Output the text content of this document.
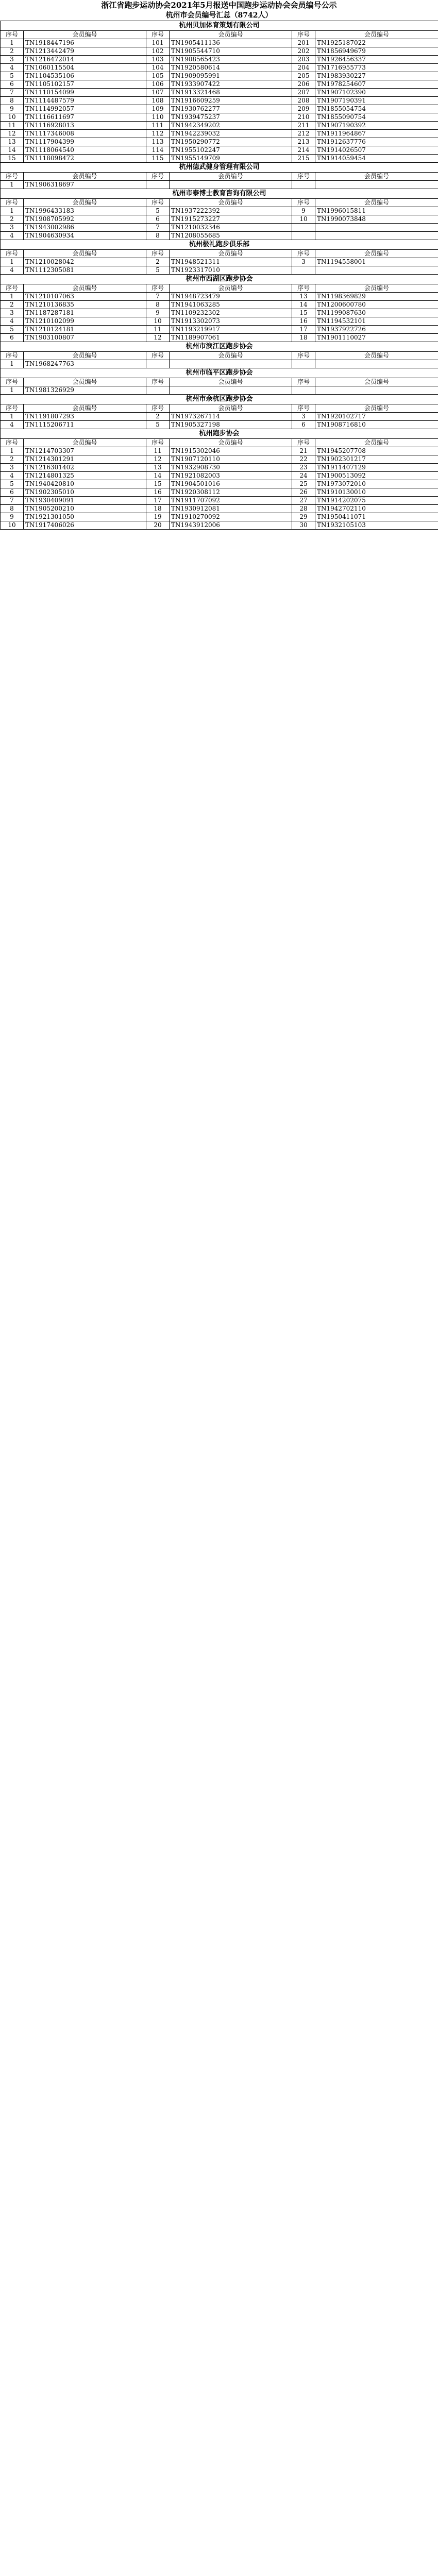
浙江省跑步运动协会2021年5月报送中国跑步运动协会会员编号公示
杭州市会员编号汇总（8742人）
杭州贝加体育策划有限公司					
序号	会员编号	序号	会员编号	序号	会员编号
1	TN1918447196	101	TN1905411136	201	TN1925187022
2	TN1213442479	102	TN1905544710	202	TN1856949679
3	TN1216472014	103	TN1908565423	203	TN1926456337
4	TN1060115504	104	TN1920580614	204	TN1716955773
5	TN1104535106	105	TN1909095991	205	TN1983930227
6	TN1105102157	106	TN1933907422	206	TN1978254607
7	TN1110154099	107	TN1913321468	207	TN1907102390
8	TN1114487579	108	TN1916609259	208	TN1907190391
9	TN1114992057	109	TN1930762277	209	TN1855054754
10	TN1116611697	110	TN1939475237	210	TN1855090754
11	TN1116928013	111	TN1942349202	211	TN1907190392
12	TN1117346008	112	TN1942239032	212	TN1911964867
13	TN1117904399	113	TN1950290772	213	TN1912637776
14	TN1118064540	114	TN1955102247	214	TN1914026507
15	TN1118098472	115	TN1955149709	215	TN1914059454
杭州德武健身管理有限公司					
序号	会员编号	序号	会员编号	序号	会员编号
1	TN1906318697				
杭州市泰博士教育咨询有限公司					
序号	会员编号	序号	会员编号	序号	会员编号
1	TN1996433183	5	TN1937222392	9	TN1996015811
2	TN1908705992	6	TN1915273227	10	TN1990073848
3	TN1943002986	7	TN1210032346		
4	TN1904630934	8	TN1208055685		
杭州极礼跑步俱乐部					
序号	会员编号	序号	会员编号	序号	会员编号
1	TN1210028042	2	TN1948521311	3	TN1194558001
4	TN1112305081	5	TN1923317010		
杭州市西湖区跑步协会					
序号	会员编号	序号	会员编号	序号	会员编号
1	TN1210107063	7	TN1948723479	13	TN1198369829
2	TN1210136835	8	TN1941063285	14	TN1200600780
3	TN1187287181	9	TN1109232302	15	TN1199087630
4	TN1210102099	10	TN1913302073	16	TN1194532101
5	TN1210124181	11	TN1193219917	17	TN1937922726
6	TN1903100807	12	TN1189907061	18	TN1901110027
杭州市滨江区跑步协会					
序号	会员编号	序号	会员编号	序号	会员编号
1	TN1968247763				
杭州市临平区跑步协会					
序号	会员编号	序号	会员编号	序号	会员编号
1	TN1981326929				
杭州市余杭区跑步协会					
序号	会员编号	序号	会员编号	序号	会员编号
1	TN1191807293	2	TN1973267114	3	TN1920102717
4	TN1115206711	5	TN1905327198	6	TN1908716810
杭州跑步协会					
序号	会员编号	序号	会员编号	序号	会员编号
1	TN1214703307	11	TN1915302046	21	TN1945207708
2	TN1214301291	12	TN1907120110	22	TN1902301217
3	TN1216301402	13	TN1932908730	23	TN1911407129
4	TN1214801325	14	TN1921082003	24	TN1900513092
5	TN1940420810	15	TN1904501016	25	TN1973072010
6	TN1902305010	16	TN1920308112	26	TN1910130010
7	TN1930409091	17	TN1911707092	27	TN1914202075
8	TN1905200210	18	TN1930912081	28	TN1942702110
9	TN1921301050	19	TN1910270092	29	TN1950411071
10	TN1917406026	20	TN1943912006	30	TN1932105103
